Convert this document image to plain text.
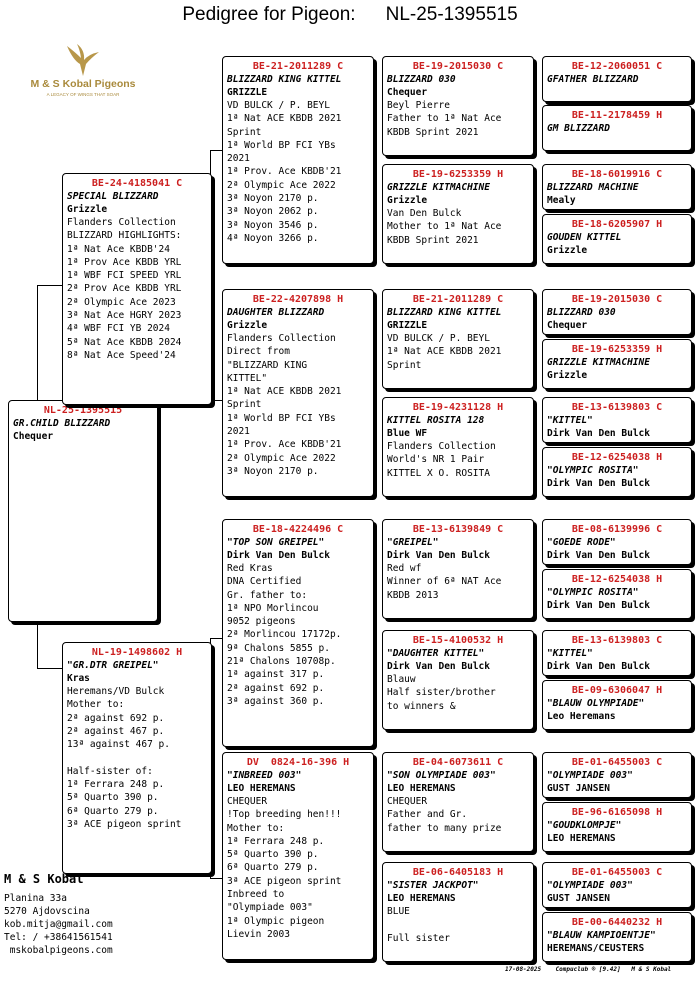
Pedigree for Pigeon: NL-25-1395515
M & S Kobal Pigeons
A LEGACY OF WINGS THAT SOAR
NL-25-1395515
GR.CHILD BLIZZARD
Chequer
BE-24-4185041 C
SPECIAL BLIZZARD
Grizzle
Flanders Collection
BLIZZARD HIGHLIGHTS:
1ª Nat Ace KBDB'24
1ª Prov Ace KBDB YRL
1ª WBF FCI SPEED YRL
2ª Prov Ace KBDB YRL
2ª Olympic Ace 2023
3ª Nat Ace HGRY 2023
4ª WBF FCI YB 2024
5ª Nat Ace KBDB 2024
8ª Nat Ace Speed'24
NL-19-1498602 H
"GR.DTR GREIPEL"
Kras
Heremans/VD Bulck
Mother to:
2ª against 692 p.
2ª against 467 p.
13ª against 467 p.
Half-sister of:
1ª Ferrara 248 p.
5ª Quarto 390 p.
6ª Quarto 279 p.
3ª ACE pigeon sprint
BE-21-2011289 C
BLIZZARD KING KITTEL
GRIZZLE
VD BULCK / P. BEYL
1ª Nat ACE KBDB 2021
Sprint
1ª World BP FCI YBs
2021
1ª Prov. Ace KBDB'21
2ª Olympic Ace 2022
3ª Noyon 2170 p.
3ª Noyon 2062 p.
3ª Noyon 3546 p.
4ª Noyon 3266 p.
BE-22-4207898 H
DAUGHTER BLIZZARD
Grizzle
Flanders Collection
Direct from
"BLIZZARD KING
KITTEL"
1ª Nat ACE KBDB 2021
Sprint
1ª World BP FCI YBs
2021
1ª Prov. Ace KBDB'21
2ª Olympic Ace 2022
3ª Noyon 2170 p.
BE-18-4224496 C
"TOP SON GREIPEL"
Dirk Van Den Bulck
Red Kras
DNA Certified
Gr. father to:
1ª NPO Morlincou
9052 pigeons
2ª Morlincou 17172p.
9ª Chalons 5855 p.
21ª Chalons 10708p.
1ª against 317 p.
2ª against 692 p.
3ª against 360 p.
DV  0824-16-396 H
"INBREED 003"
LEO HEREMANS
CHEQUER
!Top breeding hen!!!
Mother to:
1ª Ferrara 248 p.
5ª Quarto 390 p.
6ª Quarto 279 p.
3ª ACE pigeon sprint
Inbreed to
"Olympiade 003"
1ª Olympic pigeon
Lievin 2003
BE-19-2015030 C
BLIZZARD 030
Chequer
Beyl Pierre
Father to 1ª Nat Ace
KBDB Sprint 2021
BE-19-6253359 H
GRIZZLE KITMACHINE
Grizzle
Van Den Bulck
Mother to 1ª Nat Ace
KBDB Sprint 2021
BE-21-2011289 C
BLIZZARD KING KITTEL
GRIZZLE
VD BULCK / P. BEYL
1ª Nat ACE KBDB 2021
Sprint
BE-19-4231128 H
KITTEL ROSITA 128
Blue WF
Flanders Collection
World's NR 1 Pair
KITTEL X O. ROSITA
BE-13-6139849 C
"GREIPEL"
Dirk Van Den Bulck
Red wf
Winner of 6ª NAT Ace
KBDB 2013
BE-15-4100532 H
"DAUGHTER KITTEL"
Dirk Van Den Bulck
Blauw
Half sister/brother
to winners &
BE-04-6073611 C
"SON OLYMPIADE 003"
LEO HEREMANS
CHEQUER
Father and Gr.
father to many prize
BE-06-6405183 H
"SISTER JACKPOT"
LEO HEREMANS
BLUE
Full sister
BE-12-2060051 C
GFATHER BLIZZARD
BE-11-2178459 H
GM BLIZZARD
BE-18-6019916 C
BLIZZARD MACHINE
Mealy
BE-18-6205907 H
GOUDEN KITTEL
Grizzle
BE-19-2015030 C
BLIZZARD 030
Chequer
BE-19-6253359 H
GRIZZLE KITMACHINE
Grizzle
BE-13-6139803 C
"KITTEL"
Dirk Van Den Bulck
BE-12-6254038 H
"OLYMPIC ROSITA"
Dirk Van Den Bulck
BE-08-6139996 C
"GOEDE RODE"
Dirk Van Den Bulck
BE-12-6254038 H
"OLYMPIC ROSITA"
Dirk Van Den Bulck
BE-13-6139803 C
"KITTEL"
Dirk Van Den Bulck
BE-09-6306047 H
"BLAUW OLYMPIADE"
Leo Heremans
BE-01-6455003 C
"OLYMPIADE 003"
GUST JANSEN
BE-96-6165098 H
"GOUDKLOMPJE"
LEO HEREMANS
BE-01-6455003 C
"OLYMPIADE 003"
GUST JANSEN
BE-00-6440232 H
"BLAUW KAMPIOENTJE"
HEREMANS/CEUSTERS
M & S Kobal
Planina 33a
5270 Ajdovscina
kob.mitja@gmail.com
Tel: / +38641561541
mskobalpigeons.com
17-08-2025    Compuclub ® [9.42]   M & S Kobal
